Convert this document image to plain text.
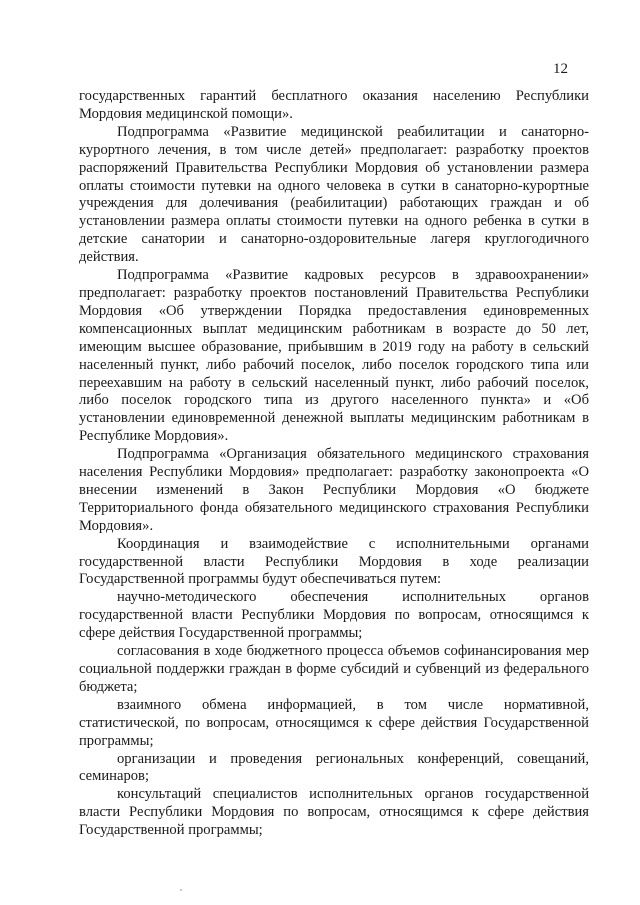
12

государственных гарантий бесплатного оказания населению Республики Мордовия медицинской помощи».

Подпрограмма «Развитие медицинской реабилитации и санаторно-курортного лечения, в том числе детей» предполагает: разработку проектов распоряжений Правительства Республики Мордовия об установлении размера оплаты стоимости путевки на одного человека в сутки в санаторно-курортные учреждения для долечивания (реабилитации) работающих граждан и об установлении размера оплаты стоимости путевки на одного ребенка в сутки в детские санатории и санаторно-оздоровительные лагеря круглогодичного действия.

Подпрограмма «Развитие кадровых ресурсов в здравоохранении» предполагает: разработку проектов постановлений Правительства Республики Мордовия «Об утверждении Порядка предоставления единовременных компенсационных выплат медицинским работникам в возрасте до 50 лет, имеющим высшее образование, прибывшим в 2019 году на работу в сельский населенный пункт, либо рабочий поселок, либо поселок городского типа или переехавшим на работу в сельский населенный пункт, либо рабочий поселок, либо поселок городского типа из другого населенного пункта» и «Об установлении единовременной денежной выплаты медицинским работникам в Республике Мордовия».

Подпрограмма «Организация обязательного медицинского страхования населения Республики Мордовия» предполагает: разработку законопроекта «О внесении изменений в Закон Республики Мордовия «О бюджете Территориального фонда обязательного медицинского страхования Республики Мордовия».

Координация и взаимодействие с исполнительными органами государственной власти Республики Мордовия в ходе реализации Государственной программы будут обеспечиваться путем:

научно-методического обеспечения исполнительных органов государственной власти Республики Мордовия по вопросам, относящимся к сфере действия Государственной программы;

согласования в ходе бюджетного процесса объемов софинансирования мер социальной поддержки граждан в форме субсидий и субвенций из федерального бюджета;

взаимного обмена информацией, в том числе нормативной, статистической, по вопросам, относящимся к сфере действия Государственной программы;

организации и проведения региональных конференций, совещаний, семинаров;

консультаций специалистов исполнительных органов государственной власти Республики Мордовия по вопросам, относящимся к сфере действия Государственной программы;
